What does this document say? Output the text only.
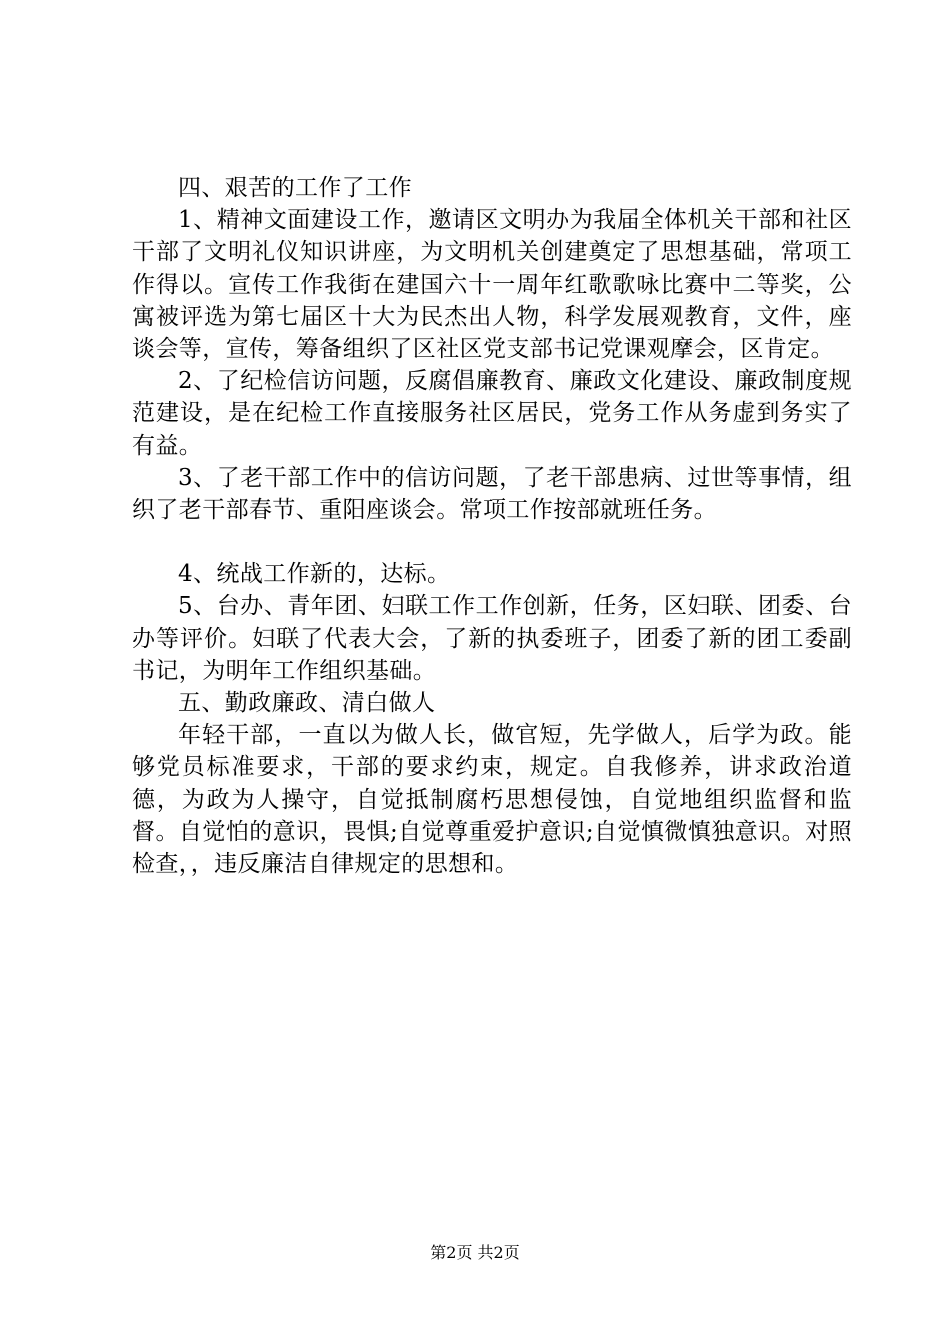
四、艰苦的工作了工作

1、精神文面建设工作，邀请区文明办为我届全体机关干部和社区干部了文明礼仪知识讲座，为文明机关创建奠定了思想基础，常项工作得以。宣传工作我街在建国六十一周年红歌歌咏比赛中二等奖，公寓被评选为第七届区十大为民杰出人物，科学发展观教育，文件，座谈会等，宣传，筹备组织了区社区党支部书记党课观摩会，区肯定。

2、了纪检信访问题，反腐倡廉教育、廉政文化建设、廉政制度规范建设，是在纪检工作直接服务社区居民，党务工作从务虚到务实了有益。

3、了老干部工作中的信访问题，了老干部患病、过世等事情，组织了老干部春节、重阳座谈会。常项工作按部就班任务。

4、统战工作新的，达标。

5、台办、青年团、妇联工作工作创新，任务，区妇联、团委、台办等评价。妇联了代表大会，了新的执委班子，团委了新的团工委副书记，为明年工作组织基础。

五、勤政廉政、清白做人

年轻干部，一直以为做人长，做官短，先学做人，后学为政。能够党员标准要求，干部的要求约束，规定。自我修养，讲求政治道德，为政为人操守，自觉抵制腐朽思想侵蚀，自觉地组织监督和监督。自觉怕的意识，畏惧;自觉尊重爱护意识;自觉慎微慎独意识。对照检查，，违反廉洁自律规定的思想和。

第2页 共2页
